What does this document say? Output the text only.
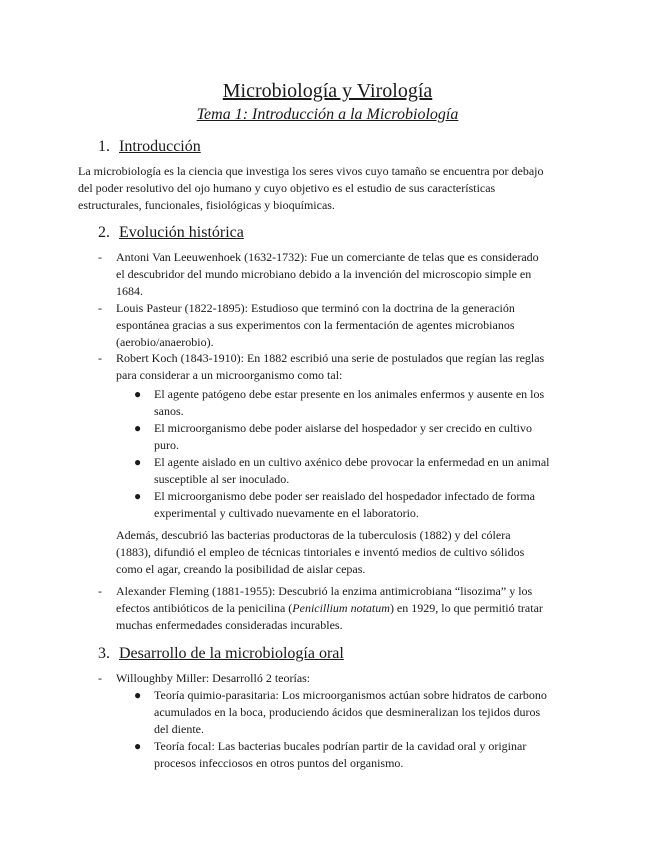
Microbiología y Virología
Tema 1: Introducción a la Microbiología
1. Introducción
La microbiología es la ciencia que investiga los seres vivos cuyo tamaño se encuentra por debajo
del poder resolutivo del ojo humano y cuyo objetivo es el estudio de sus características
estructurales, funcionales, fisiológicas y bioquímicas.
2. Evolución histórica
-	Antoni Van Leeuwenhoek (1632-1732): Fue un comerciante de telas que es considerado
el descubridor del mundo microbiano debido a la invención del microscopio simple en
1684.
-	Louis Pasteur (1822-1895): Estudioso que terminó con la doctrina de la generación
espontánea gracias a sus experimentos con la fermentación de agentes microbianos
(aerobio/anaerobio).
-	Robert Koch (1843-1910): En 1882 escribió una serie de postulados que regían las reglas
para considerar a un microorganismo como tal:
●	El agente patógeno debe estar presente en los animales enfermos y ausente en los
sanos.
●	El microorganismo debe poder aislarse del hospedador y ser crecido en cultivo
puro.
●	El agente aislado en un cultivo axénico debe provocar la enfermedad en un animal
susceptible al ser inoculado.
●	El microorganismo debe poder ser reaislado del hospedador infectado de forma
experimental y cultivado nuevamente en el laboratorio.
Además, descubrió las bacterias productoras de la tuberculosis (1882) y del cólera
(1883), difundió el empleo de técnicas tintoriales e inventó medios de cultivo sólidos
como el agar, creando la posibilidad de aislar cepas.
-	Alexander Fleming (1881-1955): Descubrió la enzima antimicrobiana “lisozima” y los
efectos antibióticos de la penicilina (Penicillium notatum) en 1929, lo que permitió tratar
muchas enfermedades consideradas incurables.
3. Desarrollo de la microbiología oral
-	Willoughby Miller: Desarrolló 2 teorías:
●	Teoría quimio-parasitaria: Los microorganismos actúan sobre hidratos de carbono
acumulados en la boca, produciendo ácidos que desmineralizan los tejidos duros
del diente.
●	Teoría focal: Las bacterias bucales podrían partir de la cavidad oral y originar
procesos infecciosos en otros puntos del organismo.
